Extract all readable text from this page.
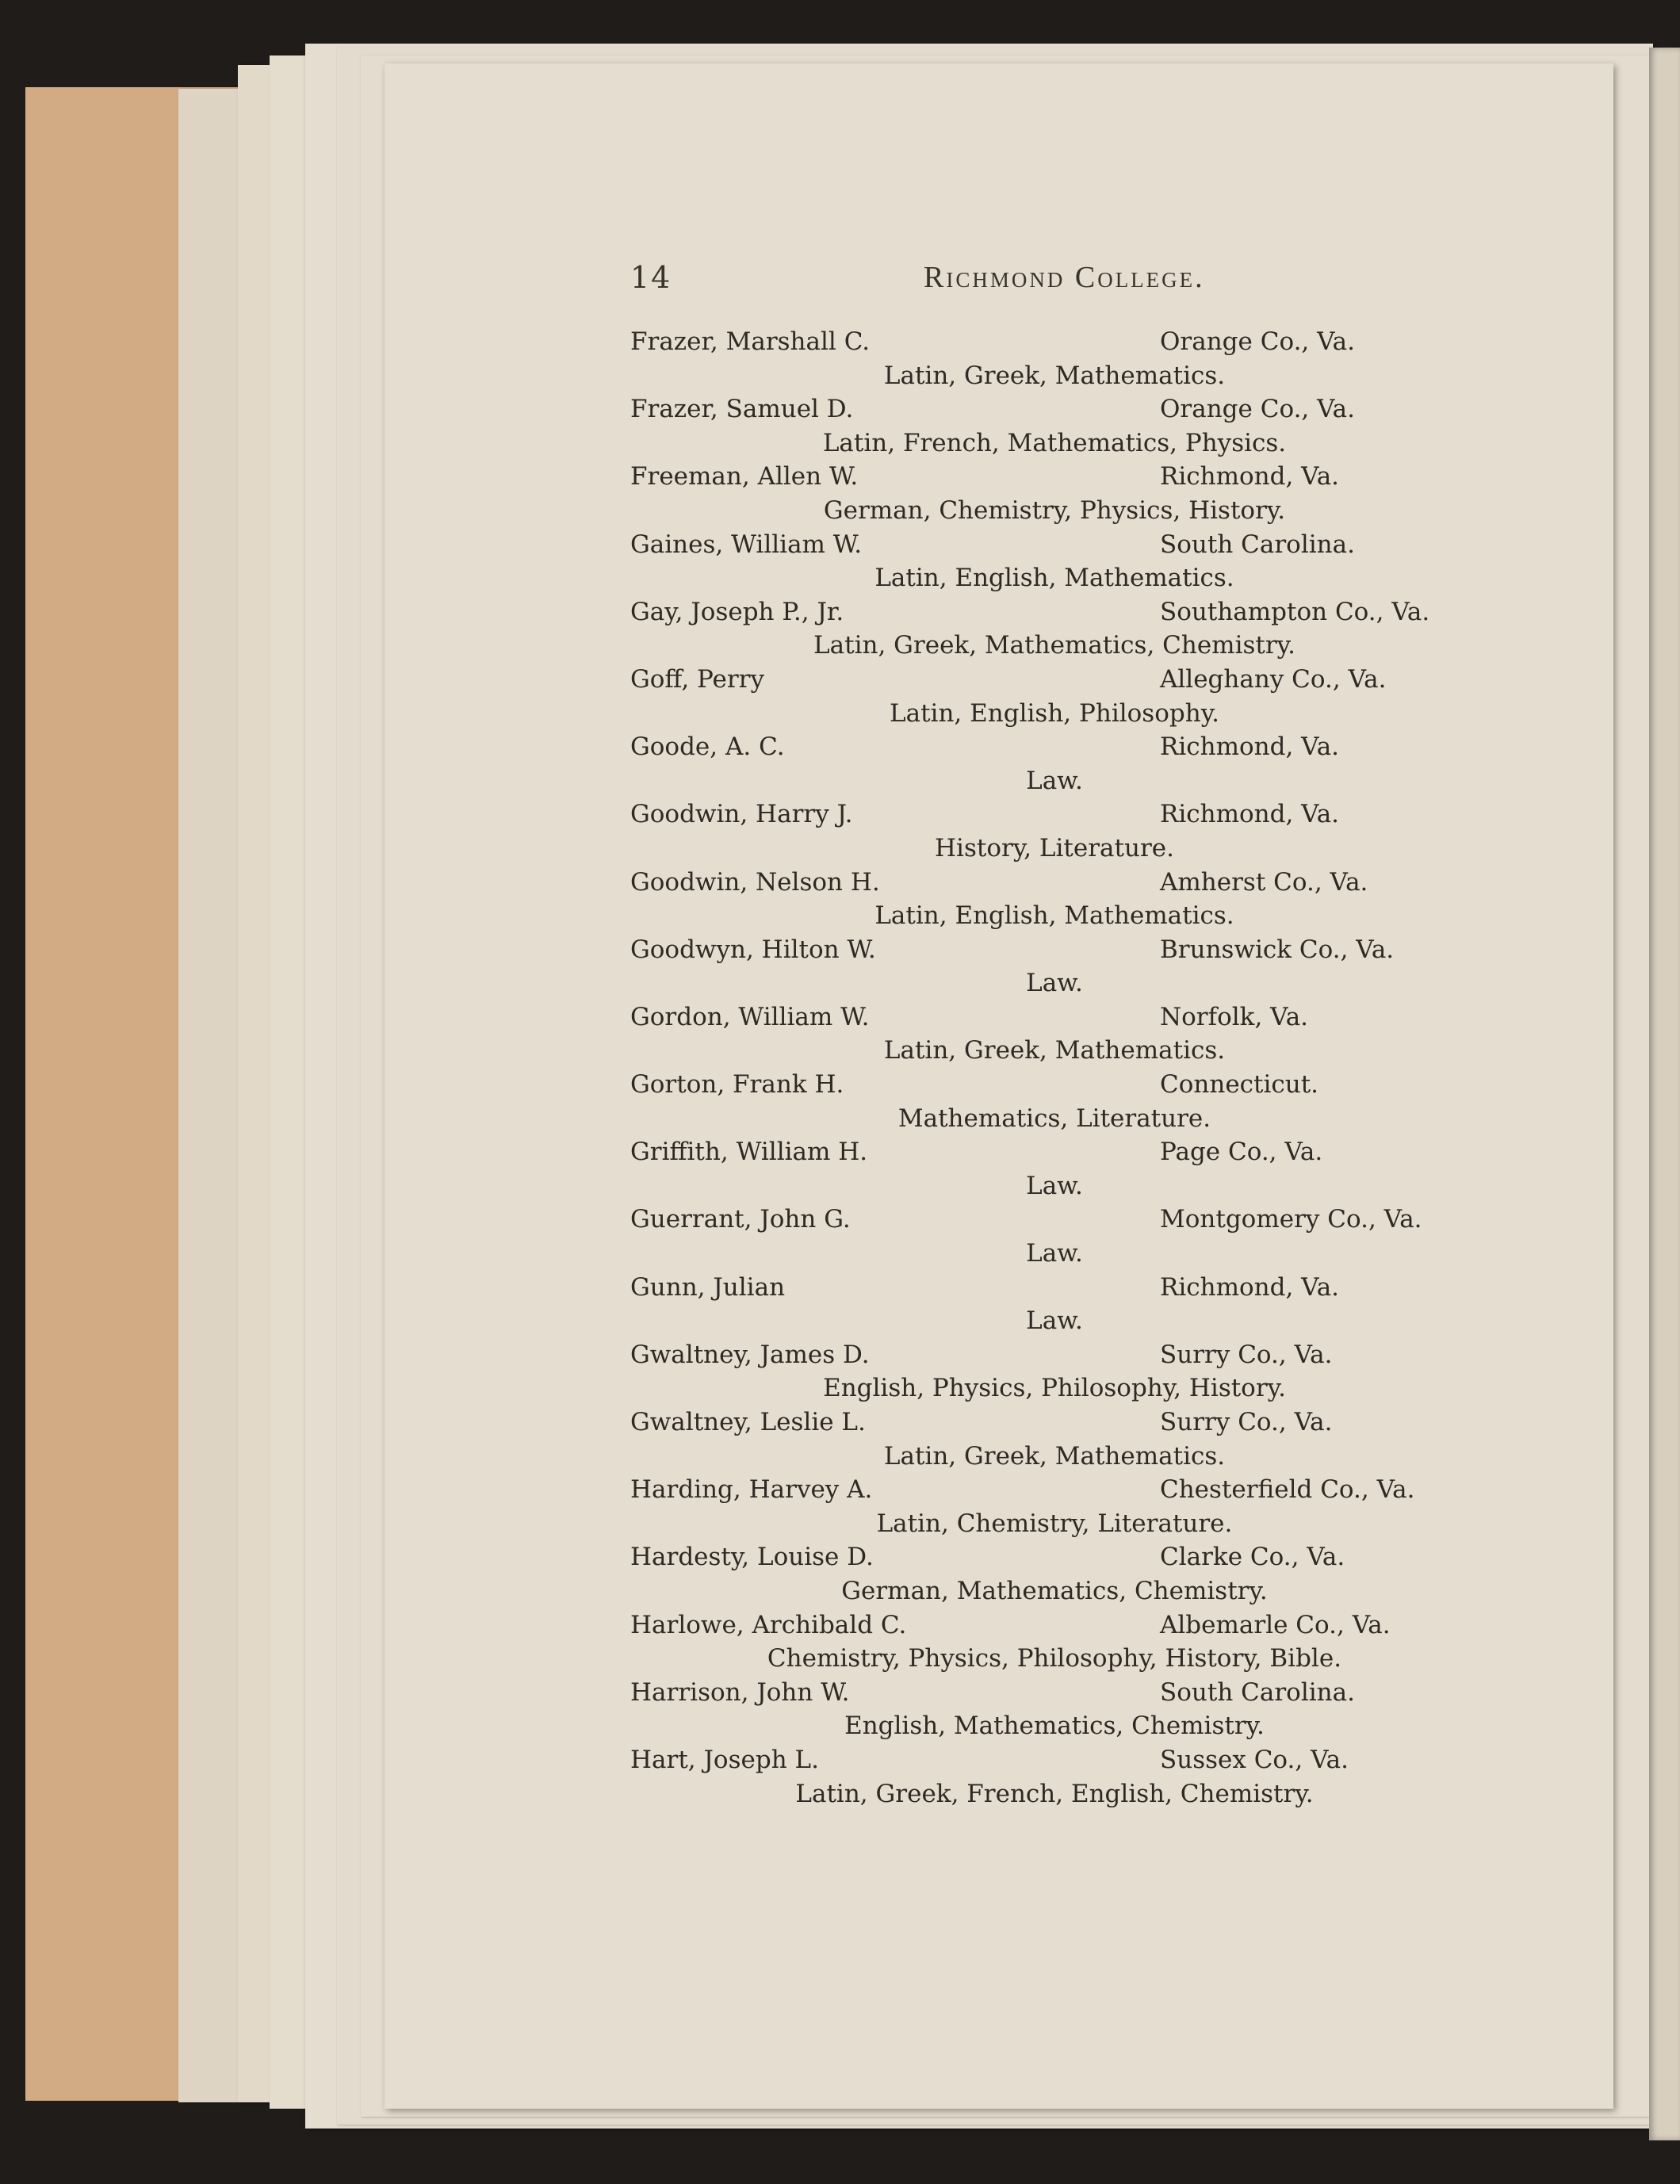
14	Richmond College.
Frazer, Marshall C.	Orange Co., Va.
Latin, Greek, Mathematics.
Frazer, Samuel D.	Orange Co., Va.
Latin, French, Mathematics, Physics.
Freeman, Allen W.	Richmond, Va.
German, Chemistry, Physics, History.
Gaines, William W.	South Carolina.
Latin, English, Mathematics.
Gay, Joseph P., Jr.	Southampton Co., Va.
Latin, Greek, Mathematics, Chemistry.
Goff, Perry	Alleghany Co., Va.
Latin, English, Philosophy.
Goode, A. C.	Richmond, Va.
Law.
Goodwin, Harry J.	Richmond, Va.
History, Literature.
Goodwin, Nelson H.	Amherst Co., Va.
Latin, English, Mathematics.
Goodwyn, Hilton W.	Brunswick Co., Va.
Law.
Gordon, William W.	Norfolk, Va.
Latin, Greek, Mathematics.
Gorton, Frank H.	Connecticut.
Mathematics, Literature.
Griffith, William H.	Page Co., Va.
Law.
Guerrant, John G.	Montgomery Co., Va.
Law.
Gunn, Julian	Richmond, Va.
Law.
Gwaltney, James D.	Surry Co., Va.
English, Physics, Philosophy, History.
Gwaltney, Leslie L.	Surry Co., Va.
Latin, Greek, Mathematics.
Harding, Harvey A.	Chesterfield Co., Va.
Latin, Chemistry, Literature.
Hardesty, Louise D.	Clarke Co., Va.
German, Mathematics, Chemistry.
Harlowe, Archibald C.	Albemarle Co., Va.
Chemistry, Physics, Philosophy, History, Bible.
Harrison, John W.	South Carolina.
English, Mathematics, Chemistry.
Hart, Joseph L.	Sussex Co., Va.
Latin, Greek, French, English, Chemistry.
